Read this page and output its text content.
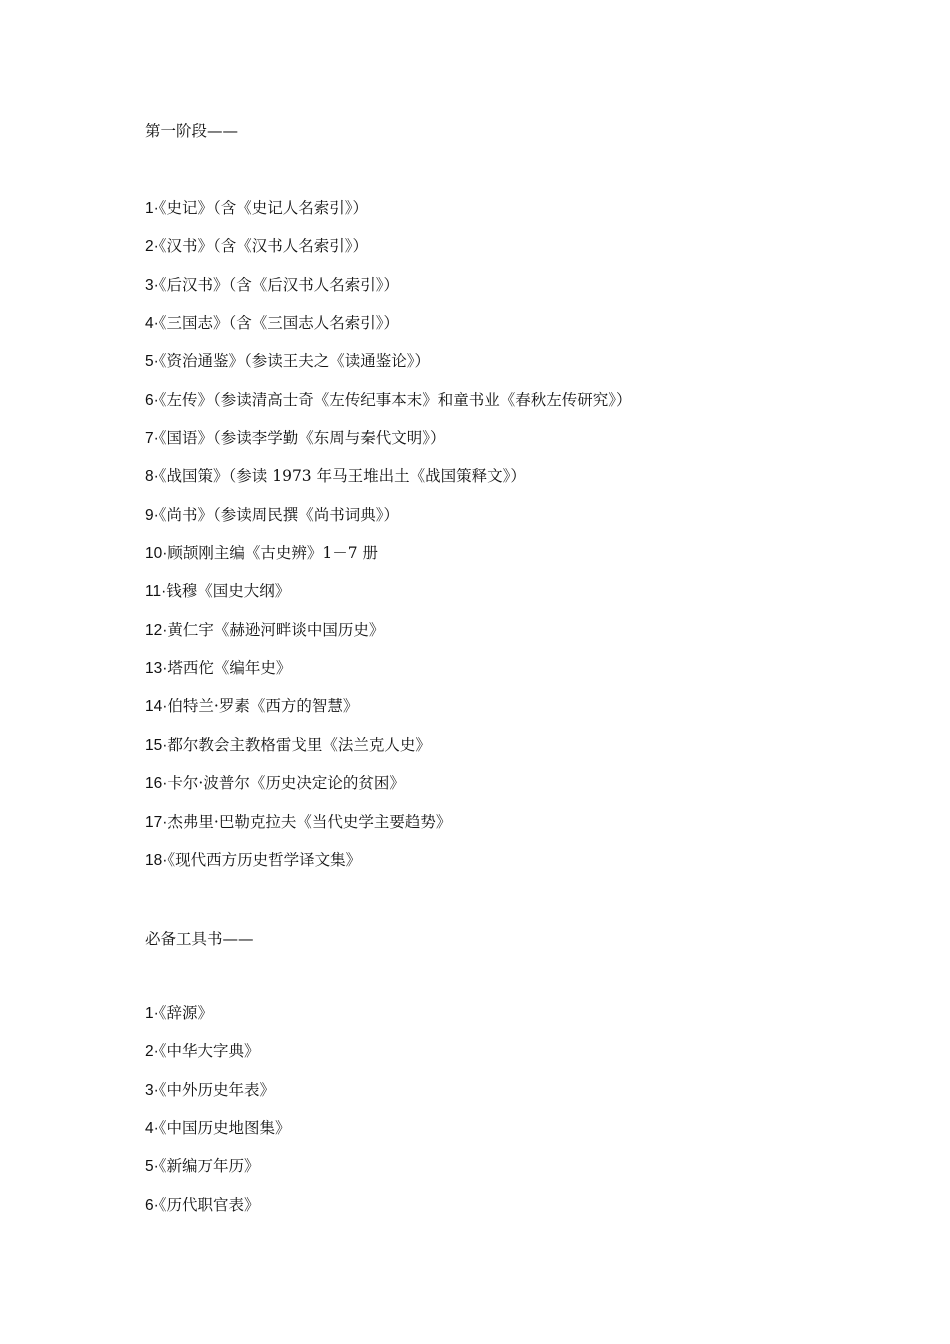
第一阶段——
1·《史记》（含《史记人名索引》）
2·《汉书》（含《汉书人名索引》）
3·《后汉书》（含《后汉书人名索引》）
4·《三国志》（含《三国志人名索引》）
5·《资治通鉴》（参读王夫之《读通鉴论》）
6·《左传》（参读清高士奇《左传纪事本末》和童书业《春秋左传研究》）
7·《国语》（参读李学勤《东周与秦代文明》）
8·《战国策》（参读 1973 年马王堆出土《战国策释文》）
9·《尚书》（参读周民撰《尚书词典》）
10·顾颉刚主编《古史辨》1－7 册
11·钱穆《国史大纲》
12·黄仁宇《赫逊河畔谈中国历史》
13·塔西佗《编年史》
14·伯特兰·罗素《西方的智慧》
15·都尔教会主教格雷戈里《法兰克人史》
16·卡尔·波普尔《历史决定论的贫困》
17·杰弗里·巴勒克拉夫《当代史学主要趋势》
18·《现代西方历史哲学译文集》
必备工具书——
1·《辞源》
2·《中华大字典》
3·《中外历史年表》
4·《中国历史地图集》
5·《新编万年历》
6·《历代职官表》
